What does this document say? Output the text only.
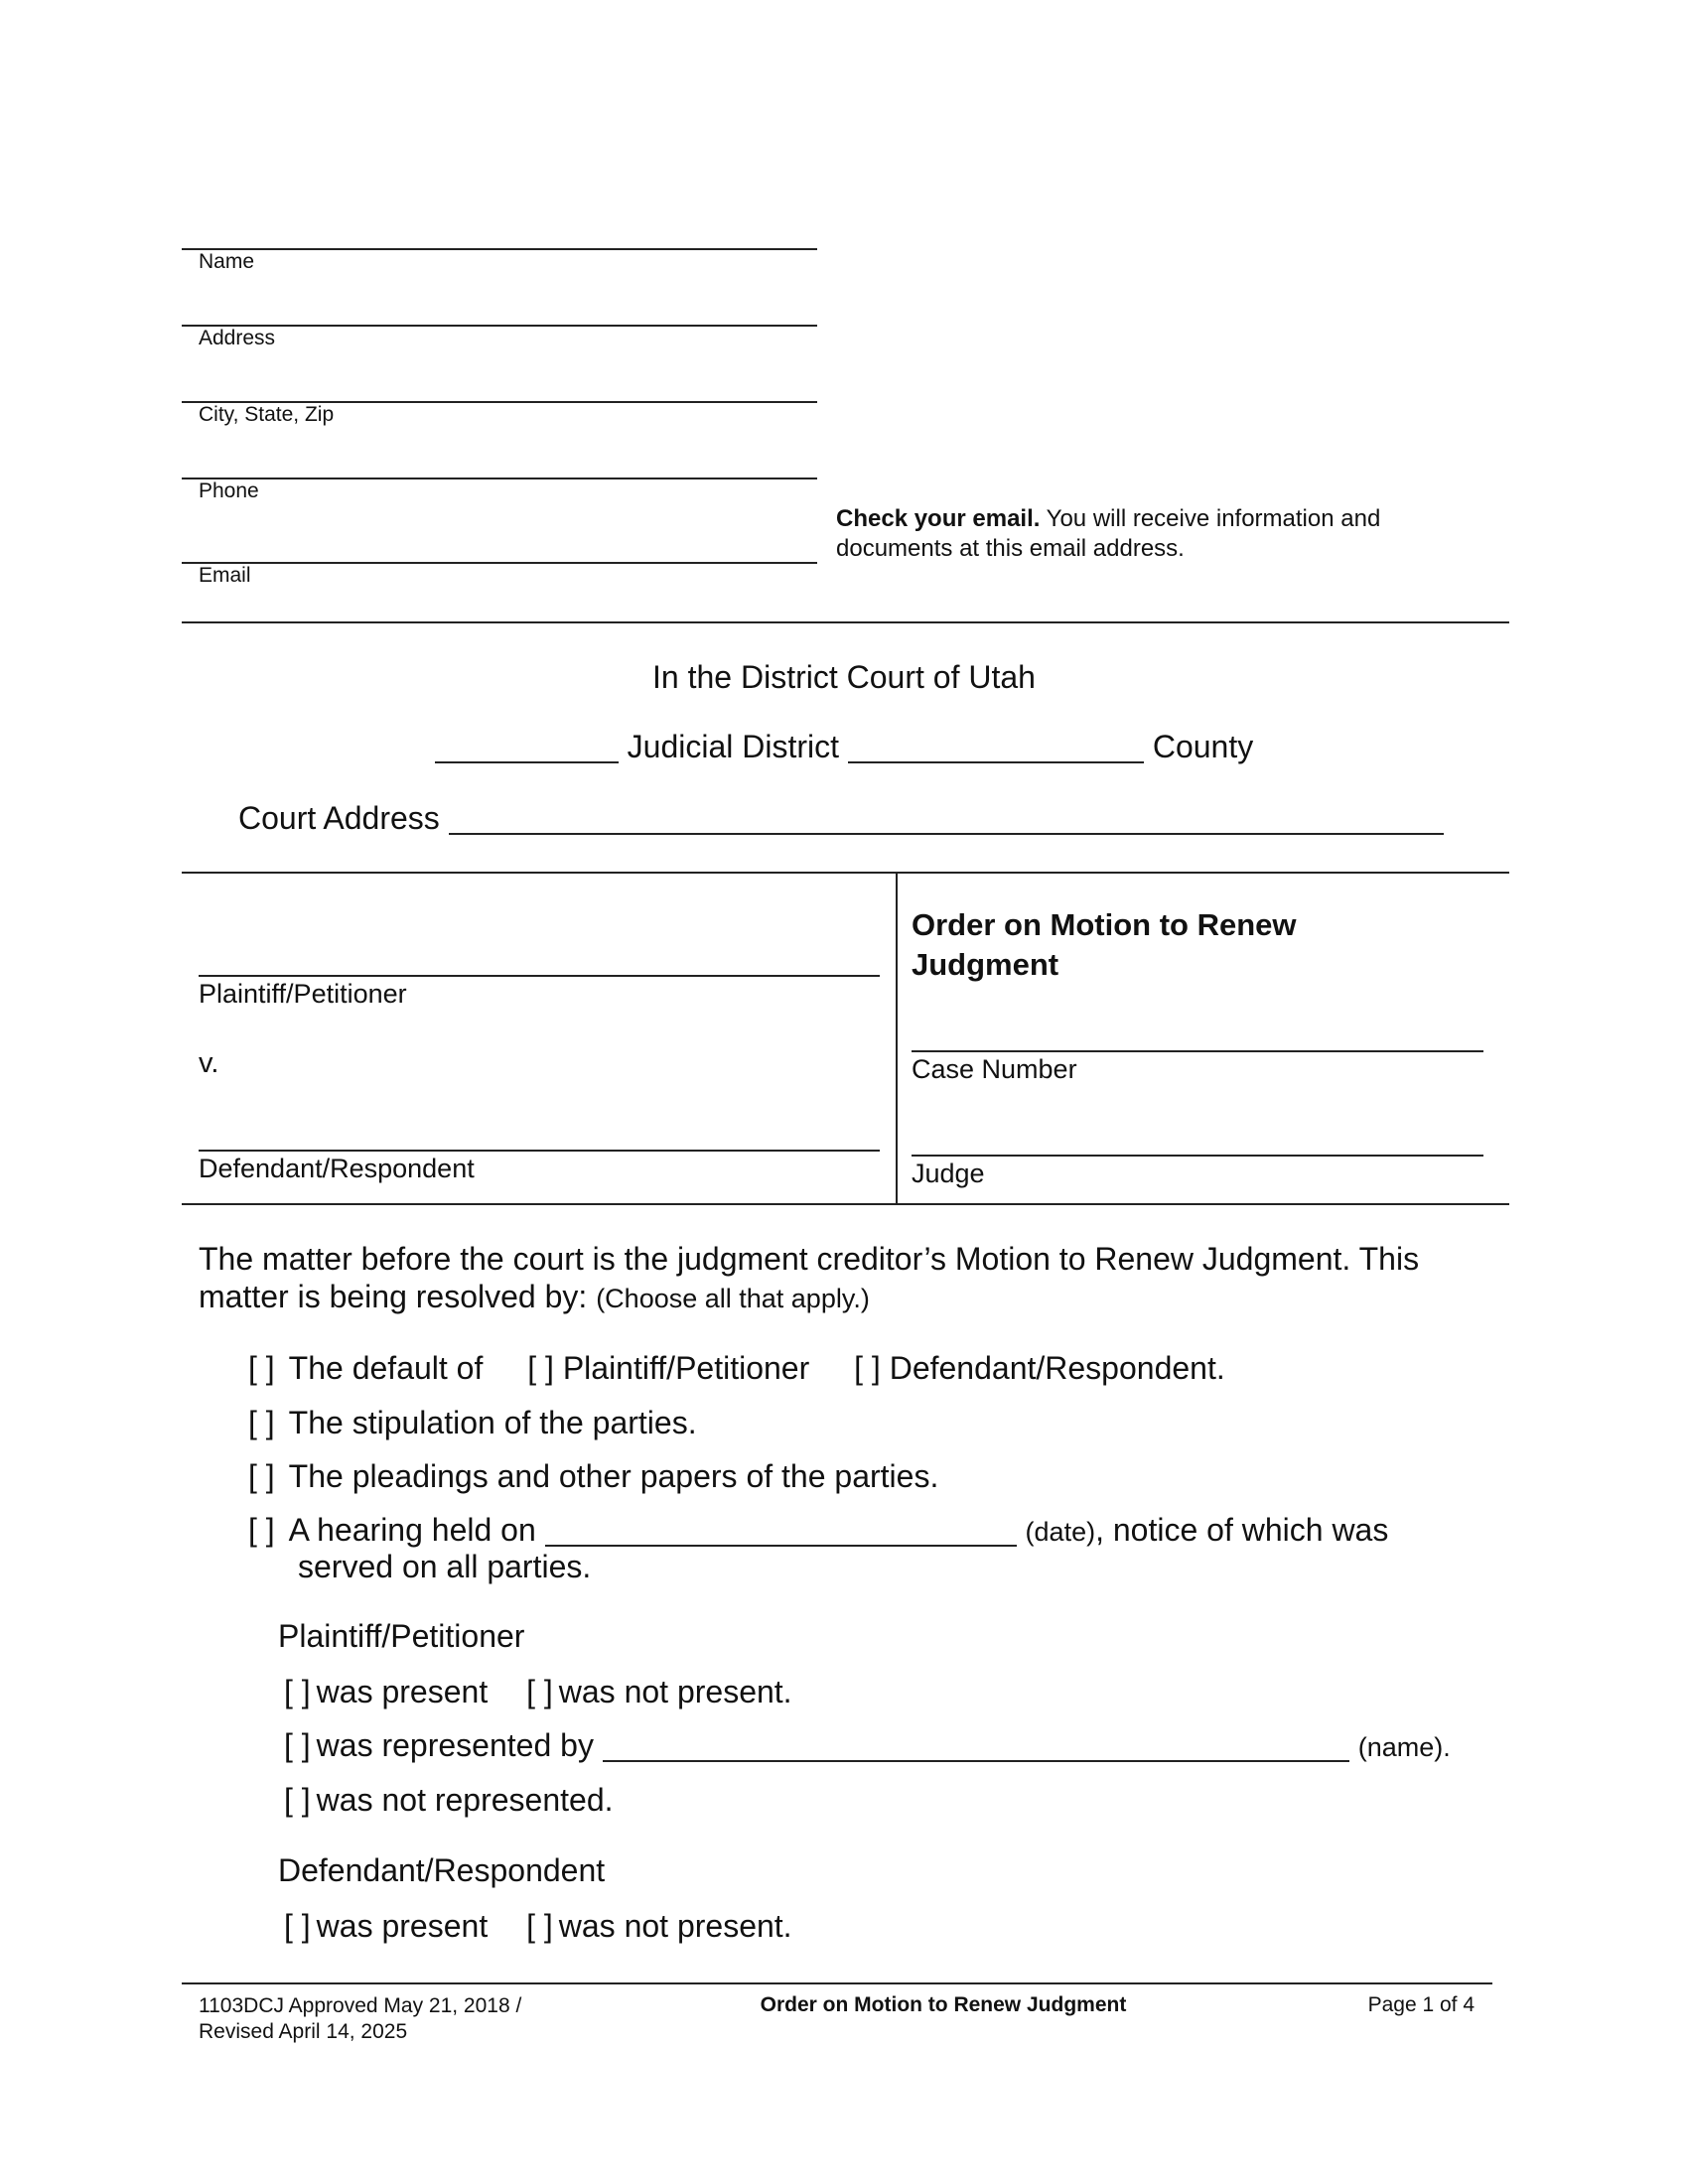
Name
Address
City, State, Zip
Phone
Email
Check your email. You will receive information and
documents at this email address.
In the District Court of Utah
Judicial District	County
Court Address
Plaintiff/Petitioner
v.
Defendant/Respondent
Order on Motion to Renew
Judgment
Case Number
Judge
The matter before the court is the judgment creditor’s Motion to Renew Judgment. This
matter is being resolved by: (Choose all that apply.)
[ ] The default of [ ] Plaintiff/Petitioner [ ] Defendant/Respondent.
[ ] The stipulation of the parties.
[ ] The pleadings and other papers of the parties.
[ ] A hearing held on	(date), notice of which was
served on all parties.
Plaintiff/Petitioner
[ ] was present [ ] was not present.
[ ] was represented by	(name).
[ ] was not represented.
Defendant/Respondent
[ ] was present [ ] was not present.
1103DCJ Approved May 21, 2018 /
Revised April 14, 2025
Order on Motion to Renew Judgment	Page 1 of 4
